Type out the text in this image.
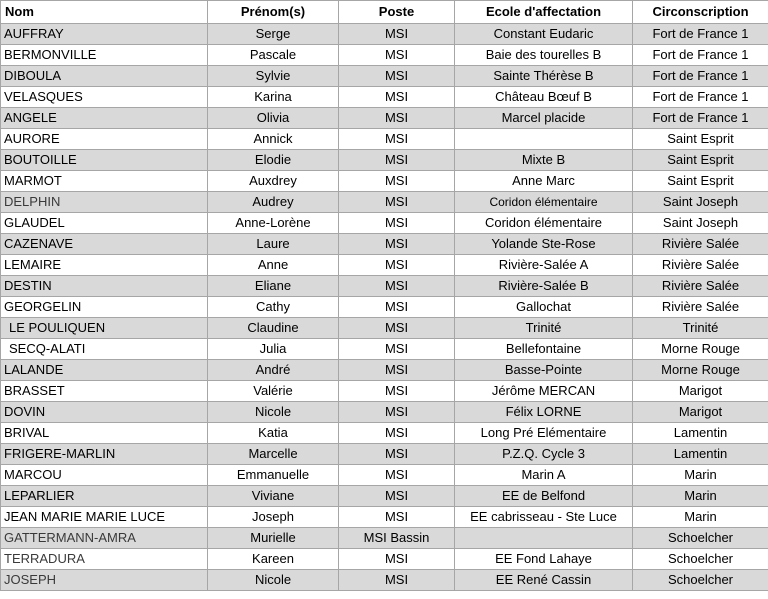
Nom	Prénom(s)	Poste	Ecole d'affectation	Circonscription
AUFFRAY	Serge	MSI	Constant Eudaric	Fort de France 1
BERMONVILLE	Pascale	MSI	Baie des tourelles B	Fort de France 1
DIBOULA	Sylvie	MSI	Sainte Thérèse B	Fort de France 1
VELASQUES	Karina	MSI	Château Bœuf B	Fort de France 1
ANGELE	Olivia	MSI	Marcel placide	Fort de France 1
AURORE	Annick	MSI		Saint Esprit
BOUTOILLE	Elodie	MSI	Mixte B	Saint Esprit
MARMOT	Auxdrey	MSI	Anne Marc	Saint Esprit
DELPHIN	Audrey	MSI	Coridon élémentaire	Saint Joseph
GLAUDEL	Anne-Lorène	MSI	Coridon élémentaire	Saint Joseph
CAZENAVE	Laure	MSI	Yolande Ste-Rose	Rivière Salée
LEMAIRE	Anne	MSI	Rivière-Salée A	Rivière Salée
DESTIN	Eliane	MSI	Rivière-Salée B	Rivière Salée
GEORGELIN	Cathy	MSI	Gallochat	Rivière Salée
LE POULIQUEN	Claudine	MSI	Trinité	Trinité
SECQ-ALATI	Julia	MSI	Bellefontaine	Morne Rouge
LALANDE	André	MSI	Basse-Pointe	Morne Rouge
BRASSET	Valérie	MSI	Jérôme MERCAN	Marigot
DOVIN	Nicole	MSI	Félix LORNE	Marigot
BRIVAL	Katia	MSI	Long Pré Elémentaire	Lamentin
FRIGERE-MARLIN	Marcelle	MSI	P.Z.Q. Cycle 3	Lamentin
MARCOU	Emmanuelle	MSI	Marin A	Marin
LEPARLIER	Viviane	MSI	EE de Belfond	Marin
JEAN MARIE MARIE LUCE	Joseph	MSI	EE cabrisseau - Ste Luce	Marin
GATTERMANN-AMRA	Murielle	MSI Bassin		Schoelcher
TERRADURA	Kareen	MSI	EE Fond Lahaye	Schoelcher
JOSEPH	Nicole	MSI	EE René Cassin	Schoelcher
